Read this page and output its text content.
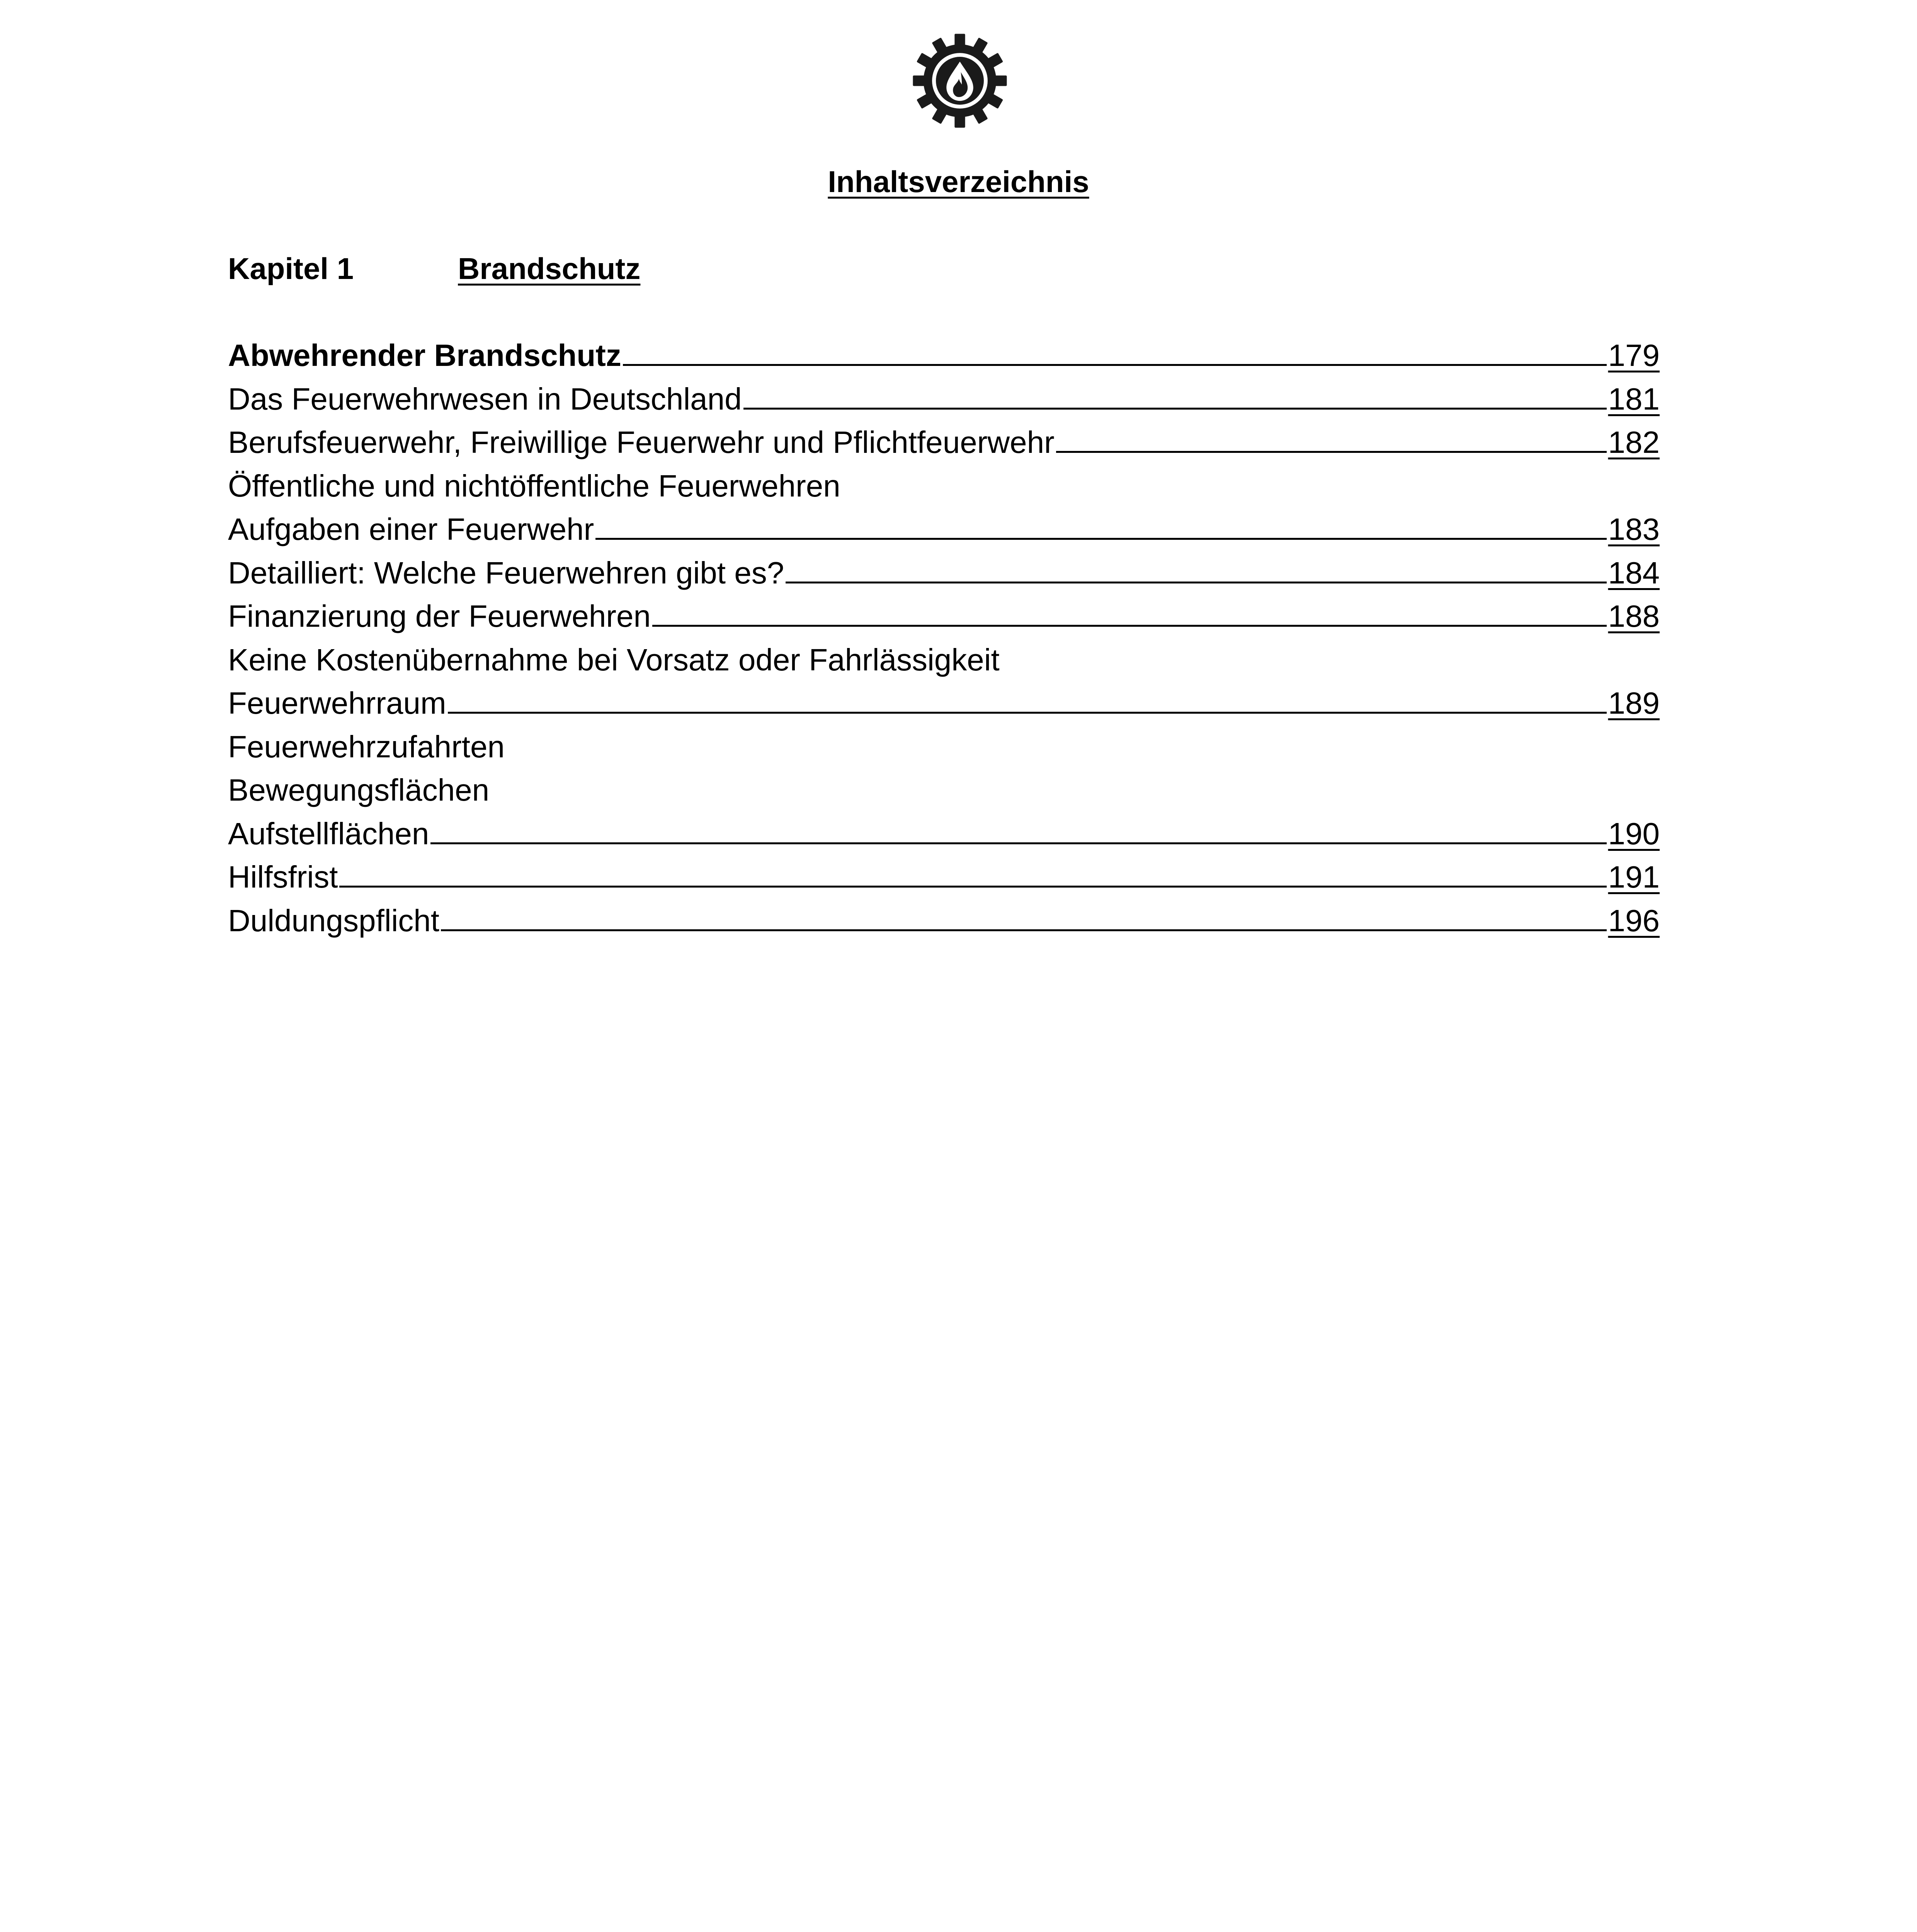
Inhaltsverzeichnis
Kapitel 1	Brandschutz
Abwehrender Brandschutz	179
Das Feuerwehrwesen in Deutschland	181
Berufsfeuerwehr, Freiwillige Feuerwehr und Pflichtfeuerwehr	182
Öffentliche und nichtöffentliche Feuerwehren
Aufgaben einer Feuerwehr	183
Detailliert: Welche Feuerwehren gibt es?	184
Finanzierung der Feuerwehren	188
Keine Kostenübernahme bei Vorsatz oder Fahrlässigkeit
Feuerwehrraum	189
Feuerwehrzufahrten
Bewegungsflächen
Aufstellflächen	190
Hilfsfrist	191
Duldungspflicht	196
